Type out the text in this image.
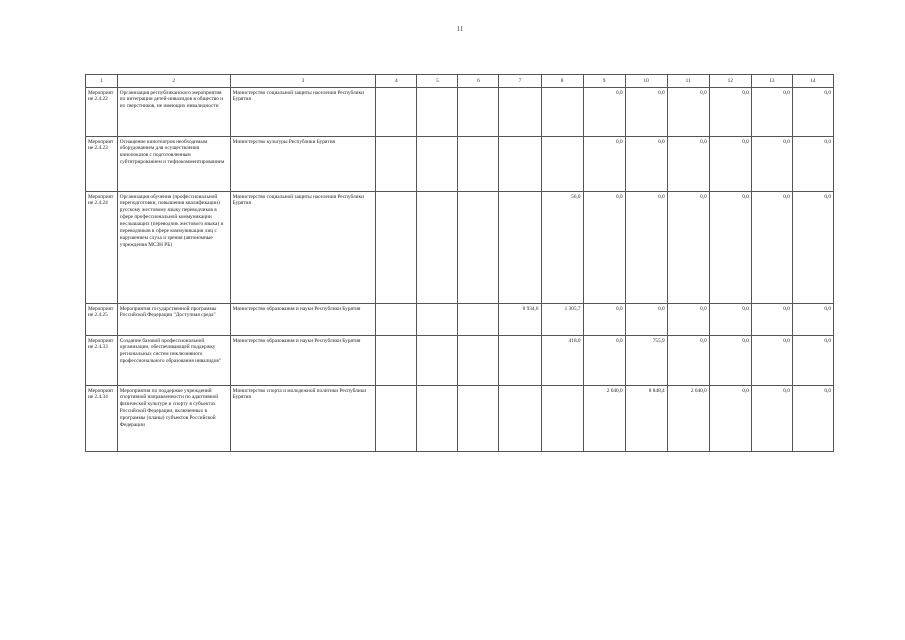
11
1	2	3	4	5	6	7	8	9	10	11	12	13	14
Мероприятие 2.4.22	Организация республиканского мероприятия по интеграции детей-инвалидов в общество и их сверстников, не имеющих инвалидности	Министерство социальной защиты населения Республики Бурятия						0,0	0,0	0,0	0,0	0,0	0,0
Мероприятие 2.4.23	Оснащение кинотеатров необходимым оборудованием для осуществления кинопоказов с подготовленным субтитрированием и тифлокомментированием	Министерство культуры Республики Бурятия						0,0	0,0	0,0	0,0	0,0	0,0
Мероприятие 2.4.24	Организация обучения (профессиональной переподготовки, повышения квалификации) русскому жестовому языку переводчиков в сфере профессиональной коммуникации неслышащих (переводчик жестового языка) и переводчиков в сфере коммуникации лиц с нарушением слуха и зрения (автономные учреждения МСЗН РБ)	Министерство социальной защиты населения Республики Бурятия					56,0	0,0	0,0	0,0	0,0	0,0	0,0
Мероприятие 2.4.25	Мероприятия государственной программы Российской Федерации "Доступная среда"	Министерство образования и науки Республики Бурятия				8 934,6	1 305,7	0,0	0,0	0,0	0,0	0,0	0,0
Мероприятие 2.4.33	Создание базовой профессиональной организации, обеспечивающей поддержку региональных систем инклюзивного профессионального образования инвалидов"	Министерство образования и науки Республики Бурятия					418,0	0,0	755,9	0,0	0,0	0,0	0,0
Мероприятие 2.4.34	Мероприятия по поддержке учреждений спортивной направленности по адаптивной физической культуре и спорту в субъектах Российской Федерации, включенных в программы (планы) субъектов Российской Федерации	Министерство спорта и молодежной политики Республики Бурятия						2 640,0	8 848,4	2 640,0	0,0	0,0	0,0
